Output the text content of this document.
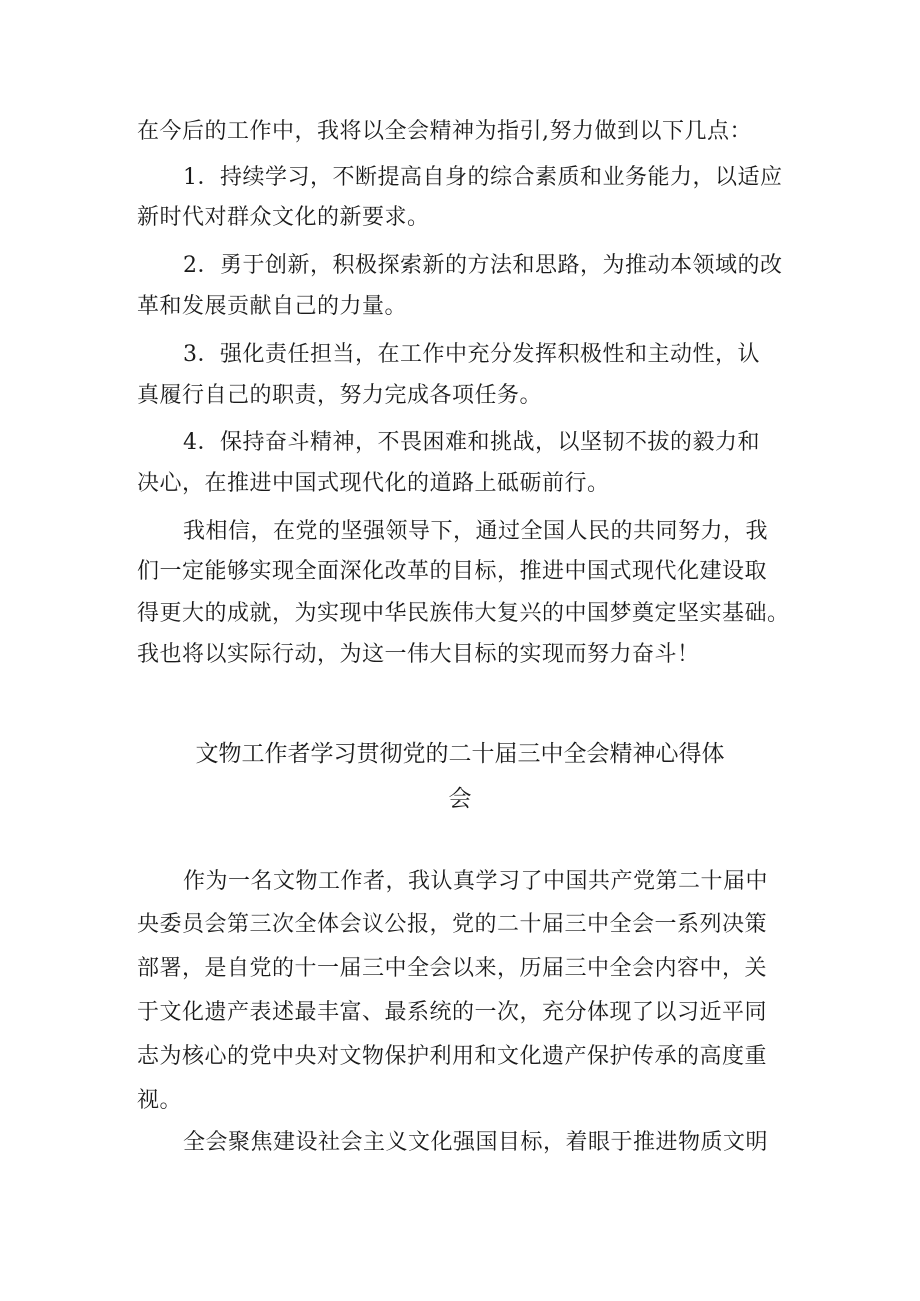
在今后的工作中，我将以全会精神为指引,努力做到以下几点：
1．持续学习，不断提高自身的综合素质和业务能力，以适应
新时代对群众文化的新要求。
2．勇于创新，积极探索新的方法和思路，为推动本领域的改
革和发展贡献自己的力量。
3．强化责任担当，在工作中充分发挥积极性和主动性，认
真履行自己的职责，努力完成各项任务。
4．保持奋斗精神，不畏困难和挑战，以坚韧不拔的毅力和
决心，在推进中国式现代化的道路上砥砺前行。
我相信，在党的坚强领导下，通过全国人民的共同努力，我
们一定能够实现全面深化改革的目标，推进中国式现代化建设取
得更大的成就，为实现中华民族伟大复兴的中国梦奠定坚实基础。
我也将以实际行动，为这一伟大目标的实现而努力奋斗！
文物工作者学习贯彻党的二十届三中全会精神心得体
会
作为一名文物工作者，我认真学习了中国共产党第二十届中
央委员会第三次全体会议公报，党的二十届三中全会一系列决策
部署，是自党的十一届三中全会以来，历届三中全会内容中，关
于文化遗产表述最丰富、最系统的一次，充分体现了以习近平同
志为核心的党中央对文物保护利用和文化遗产保护传承的高度重
视。
全会聚焦建设社会主义文化强国目标，着眼于推进物质文明
